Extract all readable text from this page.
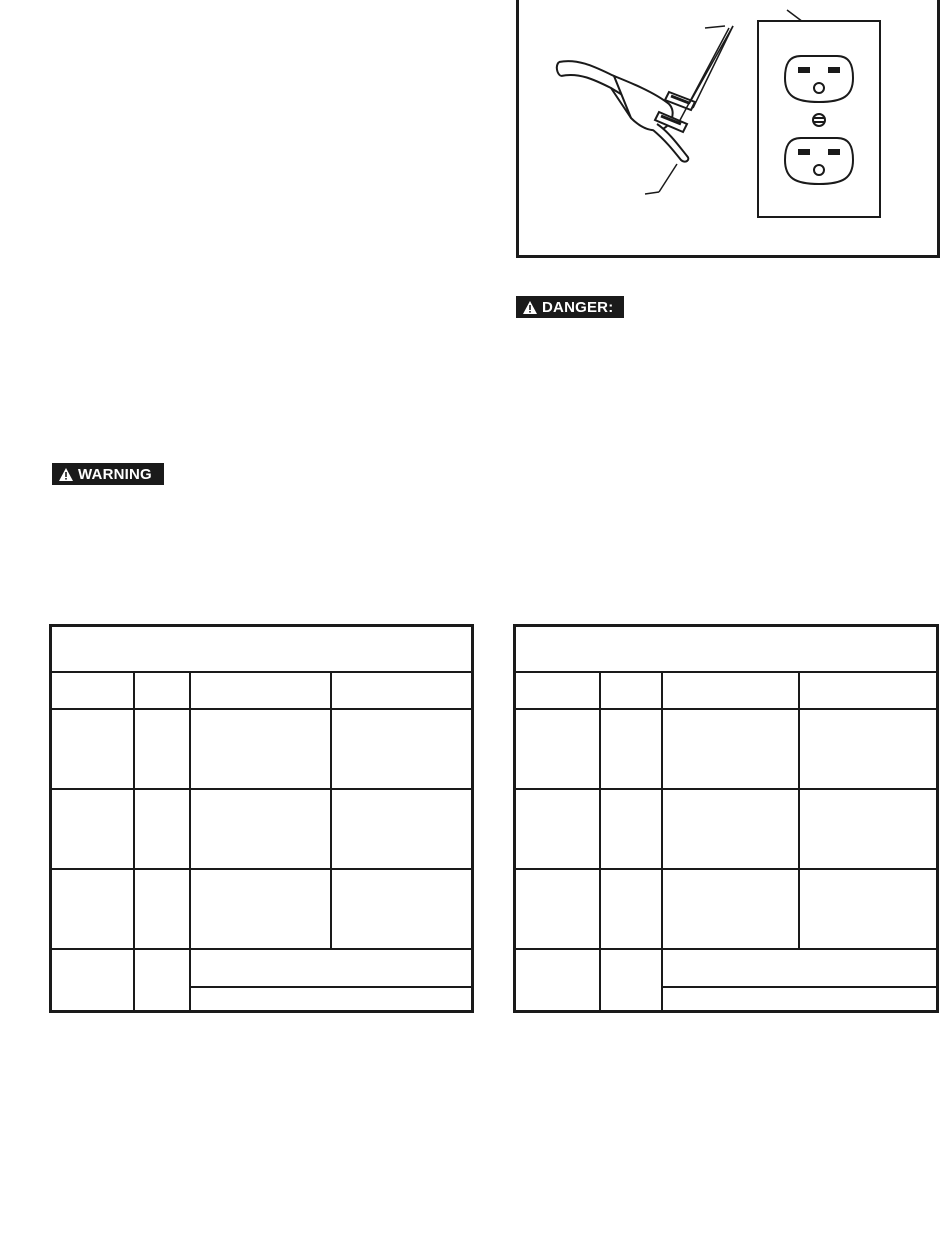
DANGER:
WARNING
